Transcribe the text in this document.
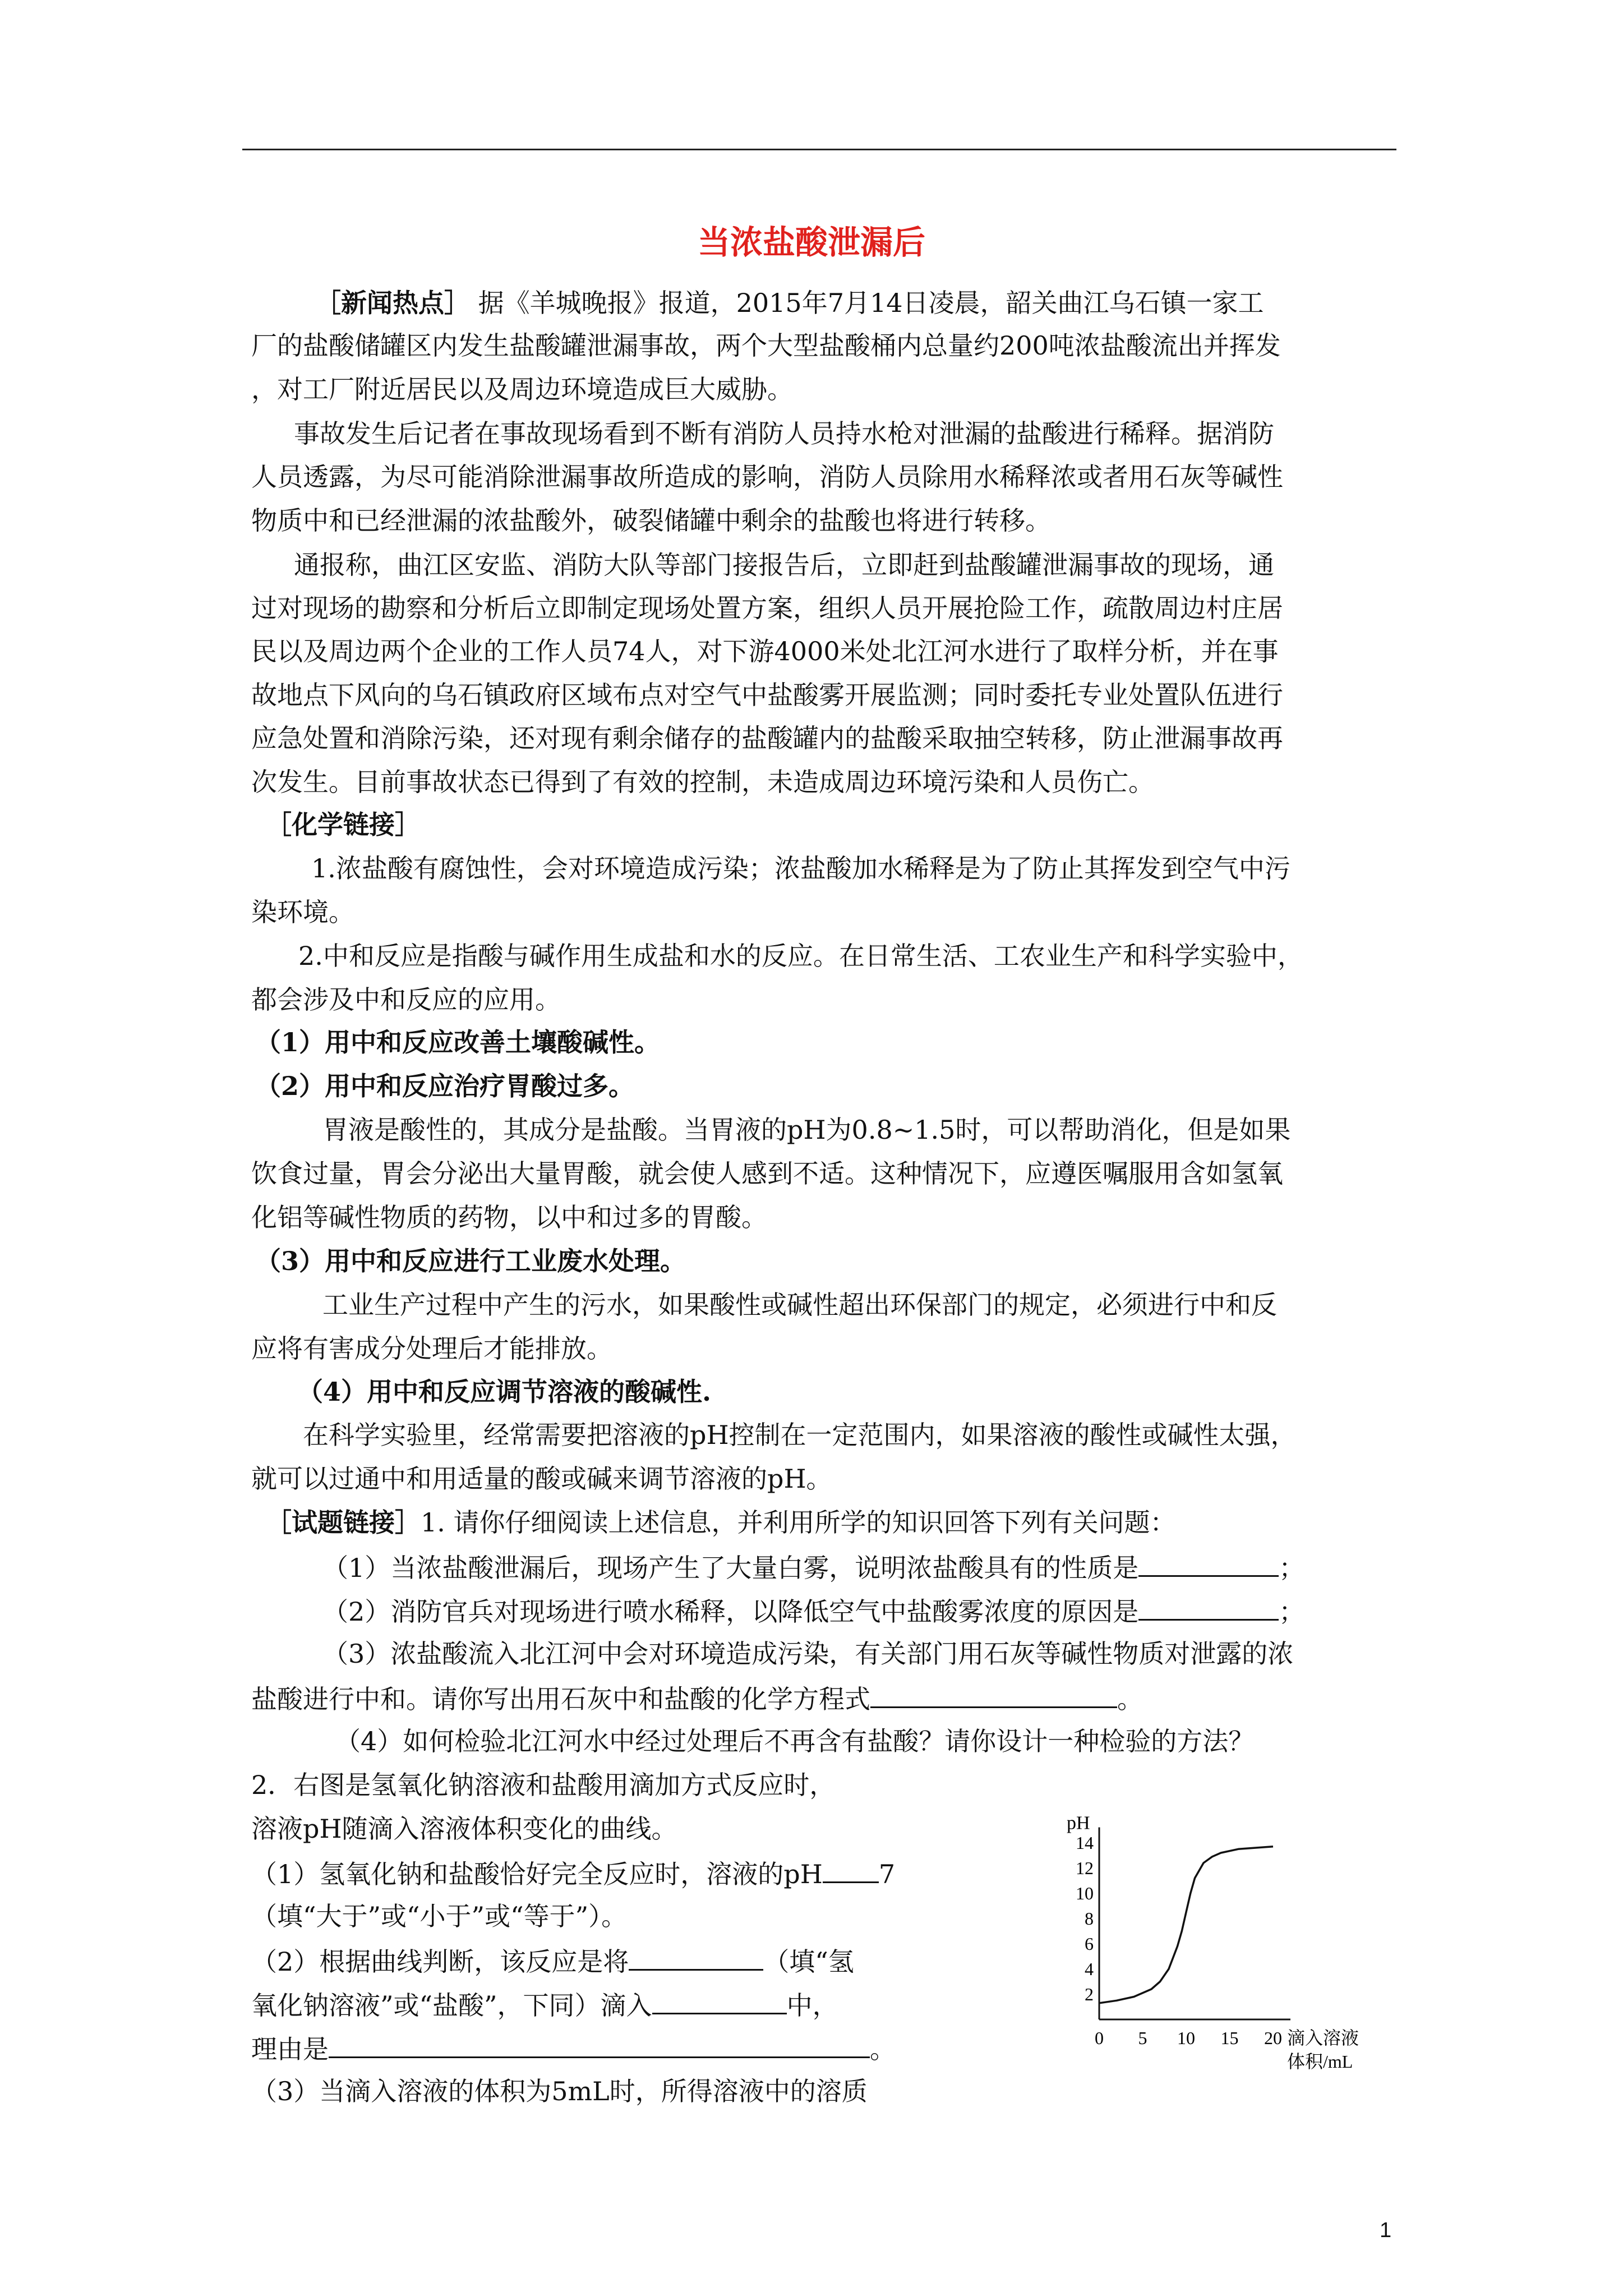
当浓盐酸泄漏后
［新闻热点］ 据《羊城晚报》报道，2015年7月14日凌晨，韶关曲江乌石镇一家工
厂的盐酸储罐区内发生盐酸罐泄漏事故，两个大型盐酸桶内总量约200吨浓盐酸流出并挥发
，对工厂附近居民以及周边环境造成巨大威胁。
事故发生后记者在事故现场看到不断有消防人员持水枪对泄漏的盐酸进行稀释。据消防
人员透露，为尽可能消除泄漏事故所造成的影响，消防人员除用水稀释浓或者用石灰等碱性
物质中和已经泄漏的浓盐酸外，破裂储罐中剩余的盐酸也将进行转移。
通报称，曲江区安监、消防大队等部门接报告后，立即赶到盐酸罐泄漏事故的现场，通
过对现场的勘察和分析后立即制定现场处置方案，组织人员开展抢险工作，疏散周边村庄居
民以及周边两个企业的工作人员74人，对下游4000米处北江河水进行了取样分析，并在事
故地点下风向的乌石镇政府区域布点对空气中盐酸雾开展监测；同时委托专业处置队伍进行
应急处置和消除污染，还对现有剩余储存的盐酸罐内的盐酸采取抽空转移，防止泄漏事故再
次发生。目前事故状态已得到了有效的控制，未造成周边环境污染和人员伤亡。
［化学链接］
1.浓盐酸有腐蚀性，会对环境造成污染；浓盐酸加水稀释是为了防止其挥发到空气中污
染环境。
2.中和反应是指酸与碱作用生成盐和水的反应。在日常生活、工农业生产和科学实验中，
都会涉及中和反应的应用。
（1）用中和反应改善土壤酸碱性。
（2）用中和反应治疗胃酸过多。
胃液是酸性的，其成分是盐酸。当胃液的pH为0.8~1.5时，可以帮助消化，但是如果
饮食过量，胃会分泌出大量胃酸，就会使人感到不适。这种情况下，应遵医嘱服用含如氢氧
化铝等碱性物质的药物，以中和过多的胃酸。
（3）用中和反应进行工业废水处理。
工业生产过程中产生的污水，如果酸性或碱性超出环保部门的规定，必须进行中和反
应将有害成分处理后才能排放。
（4）用中和反应调节溶液的酸碱性.
在科学实验里，经常需要把溶液的pH控制在一定范围内，如果溶液的酸性或碱性太强，
就可以过通中和用适量的酸或碱来调节溶液的pH。
［试题链接］1. 请你仔细阅读上述信息，并利用所学的知识回答下列有关问题：
（1）当浓盐酸泄漏后，现场产生了大量白雾，说明浓盐酸具有的性质是	；
（2）消防官兵对现场进行喷水稀释，以降低空气中盐酸雾浓度的原因是	；
（3）浓盐酸流入北江河中会对环境造成污染，有关部门用石灰等碱性物质对泄露的浓
盐酸进行中和。请你写出用石灰中和盐酸的化学方程式	。
（4）如何检验北江河水中经过处理后不再含有盐酸？请你设计一种检验的方法？
2．右图是氢氧化钠溶液和盐酸用滴加方式反应时，
溶液pH随滴入溶液体积变化的曲线。
（1）氢氧化钠和盐酸恰好完全反应时，溶液的pH 7
（填“大于”或“小于”或“等于”）。
（2）根据曲线判断，该反应是将	（填“氢
氧化钠溶液”或“盐酸”，下同）滴入	中，
理由是	。
（3）当滴入溶液的体积为5mL时，所得溶液中的溶质
pH
2
4
6
8
10
12
14
0 5 10 15 20 滴入溶液
体积/mL
1
